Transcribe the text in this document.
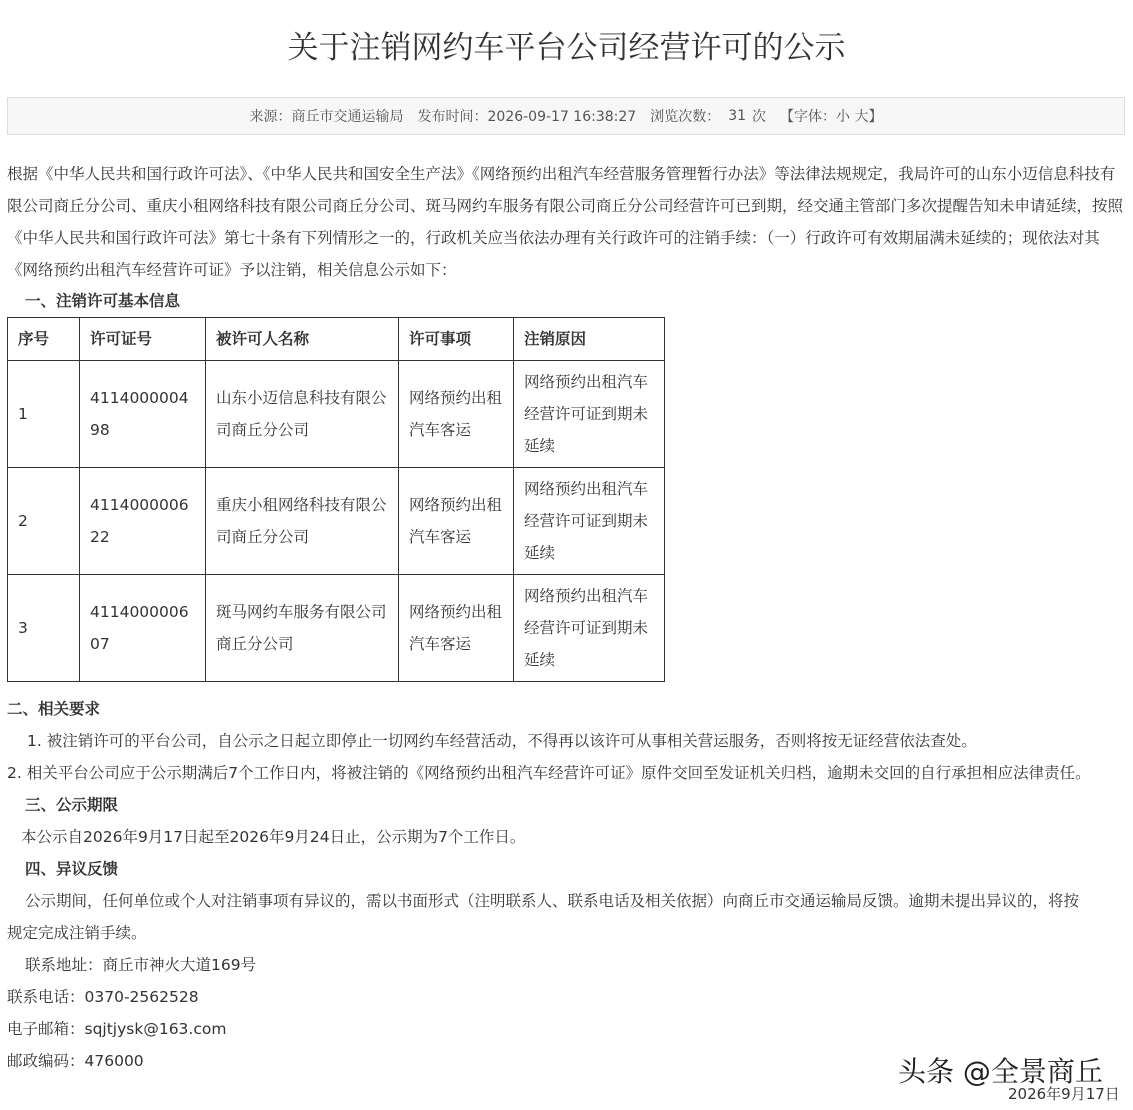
关于注销网约车平台公司经营许可的公示
来源：商丘市交通运输局 发布时间：2026-09-17 16:38:27 浏览次数： 31 次 【字体：小 大】
根据《中华人民共和国行政许可法》、《中华人民共和国安全生产法》《网络预约出租汽车经营服务管理暂行办法》等法律法规规定，我局许可的山东小迈信息科技有限公司商丘分公司、重庆小租网络科技有限公司商丘分公司、斑马网约车服务有限公司商丘分公司经营许可已到期，经交通主管部门多次提醒告知未申请延续，按照《中华人民共和国行政许可法》第七十条有下列情形之一的，行政机关应当依法办理有关行政许可的注销手续：（一）行政许可有效期届满未延续的；现依法对其《网络预约出租汽车经营许可证》予以注销，相关信息公示如下：
一、注销许可基本信息
序号	许可证号	被许可人名称	许可事项	注销原因
1	411400000498	山东小迈信息科技有限公司商丘分公司	网络预约出租汽车客运	网络预约出租汽车经营许可证到期未延续
2	411400000622	重庆小租网络科技有限公司商丘分公司	网络预约出租汽车客运	网络预约出租汽车经营许可证到期未延续
3	411400000607	斑马网约车服务有限公司商丘分公司	网络预约出租汽车客运	网络预约出租汽车经营许可证到期未延续
二、相关要求
1. 被注销许可的平台公司，自公示之日起立即停止一切网约车经营活动，不得再以该许可从事相关营运服务，否则将按无证经营依法查处。
2. 相关平台公司应于公示期满后7个工作日内，将被注销的《网络预约出租汽车经营许可证》原件交回至发证机关归档，逾期未交回的自行承担相应法律责任。
三、公示期限
本公示自2026年9月17日起至2026年9月24日止，公示期为7个工作日。
四、异议反馈
公示期间，任何单位或个人对注销事项有异议的，需以书面形式（注明联系人、联系电话及相关依据）向商丘市交通运输局反馈。逾期未提出异议的，将按
规定完成注销手续。
联系地址：商丘市神火大道169号
联系电话：0370-2562528
电子邮箱：sqjtjysk@163.com
邮政编码：476000	头条 @全景商丘
2026年9月17日
